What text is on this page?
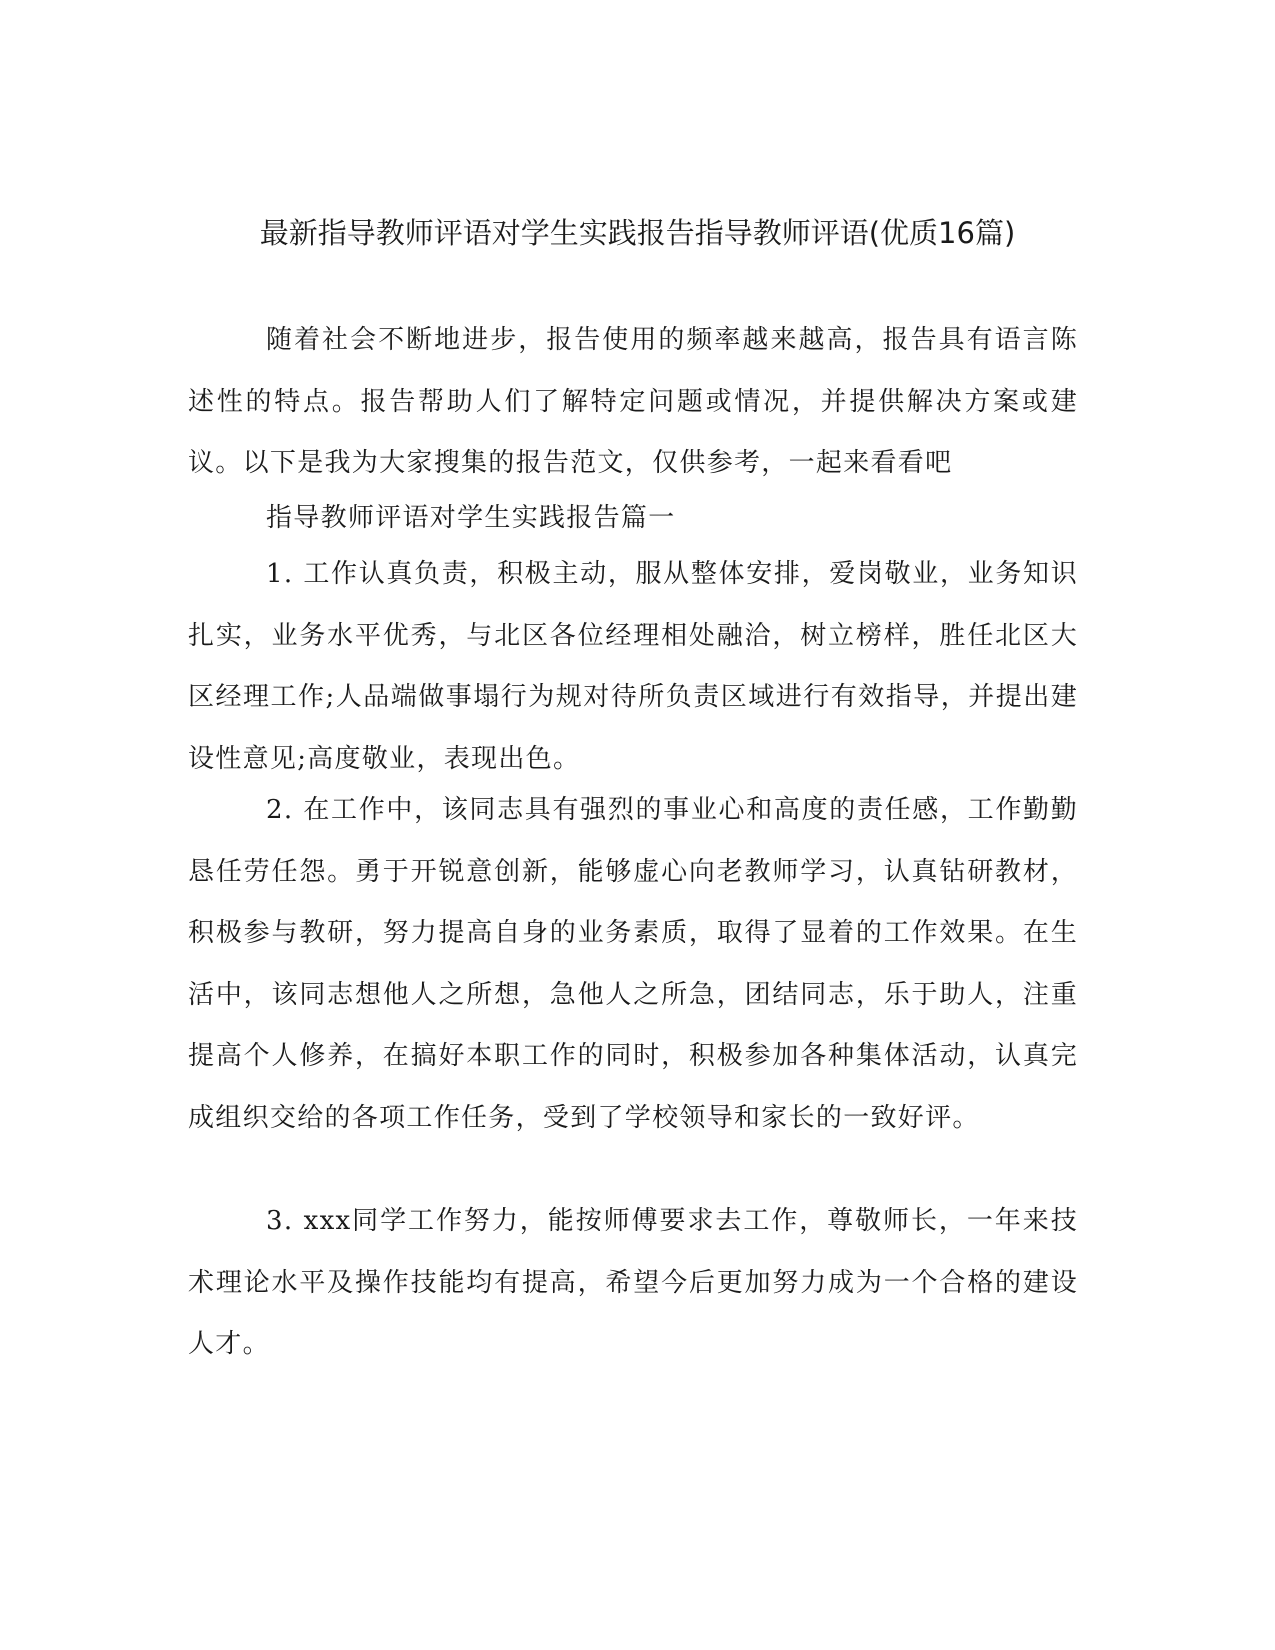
最新指导教师评语对学生实践报告指导教师评语(优质16篇)

随着社会不断地进步，报告使用的频率越来越高，报告具有语言陈述性的特点。报告帮助人们了解特定问题或情况，并提供解决方案或建议。以下是我为大家搜集的报告范文，仅供参考，一起来看看吧

指导教师评语对学生实践报告篇一

1. 工作认真负责，积极主动，服从整体安排，爱岗敬业，业务知识扎实，业务水平优秀，与北区各位经理相处融洽，树立榜样，胜任北区大区经理工作;人品端做事塌行为规对待所负责区域进行有效指导，并提出建设性意见;高度敬业，表现出色。

2. 在工作中，该同志具有强烈的事业心和高度的责任感，工作勤勤恳任劳任怨。勇于开锐意创新，能够虚心向老教师学习，认真钻研教材，积极参与教研，努力提高自身的业务素质，取得了显着的工作效果。在生活中，该同志想他人之所想，急他人之所急，团结同志，乐于助人，注重提高个人修养，在搞好本职工作的同时，积极参加各种集体活动，认真完成组织交给的各项工作任务，受到了学校领导和家长的一致好评。

3. xxx同学工作努力，能按师傅要求去工作，尊敬师长，一年来技术理论水平及操作技能均有提高，希望今后更加努力成为一个合格的建设人才。
